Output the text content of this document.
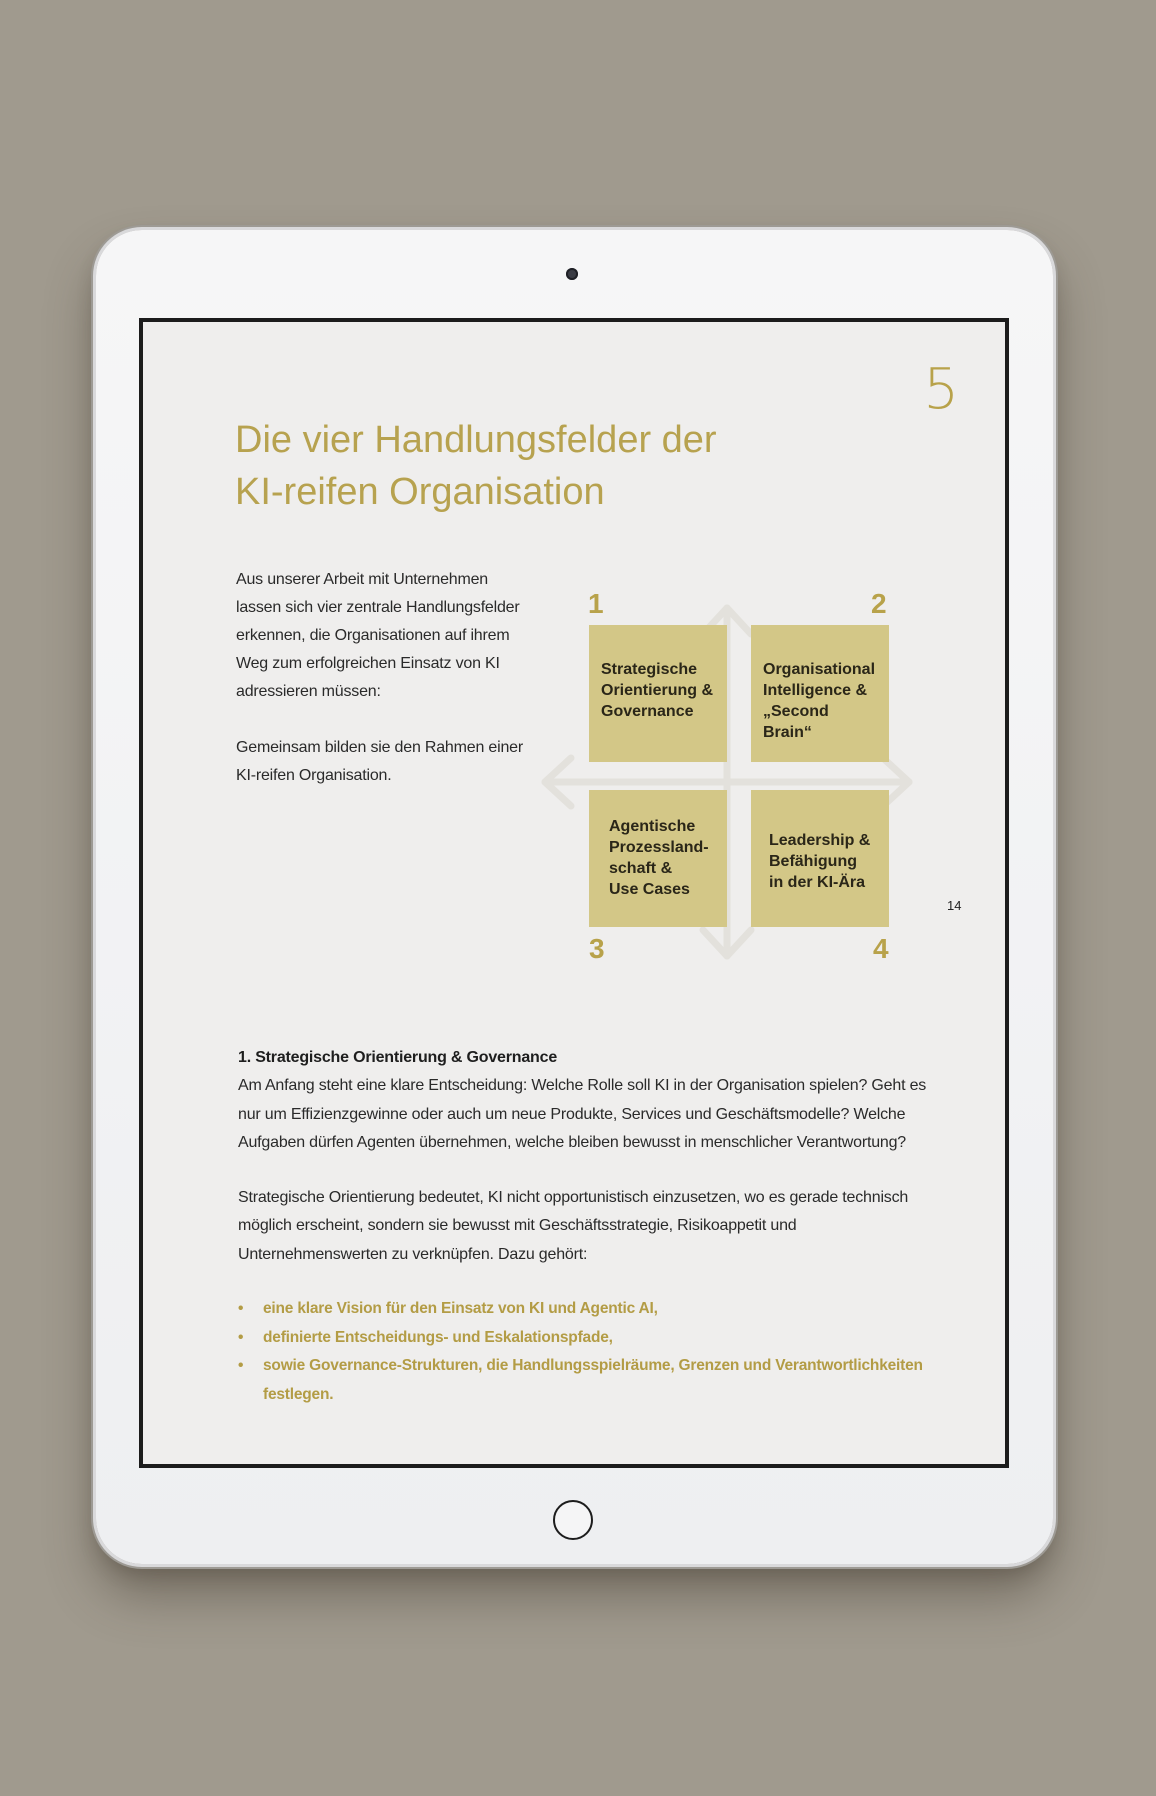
5
Die vier Handlungsfelder der
KI-reifen Organisation

Aus unserer Arbeit mit Unternehmen lassen sich vier zentrale Handlungsfelder erkennen, die Organisationen auf ihrem Weg zum erfolgreichen Einsatz von KI adressieren müssen:

Gemeinsam bilden sie den Rahmen einer KI-reifen Organisation.

1	2
3	4
Strategische
Orientierung &
Governance
Organisational
Intelligence &
„Second Brain“
Agentische
Prozessland-
schaft &
Use Cases
Leadership &
Befähigung
in der KI-Ära
14
1. Strategische Orientierung & Governance

Am Anfang steht eine klare Entscheidung: Welche Rolle soll KI in der Organisation spielen? Geht es nur um Effizienzgewinne oder auch um neue Produkte, Services und Geschäftsmodelle? Welche Aufgaben dürfen Agenten übernehmen, welche bleiben bewusst in menschlicher Verantwortung?

Strategische Orientierung bedeutet, KI nicht opportunistisch einzusetzen, wo es gerade technisch möglich erscheint, sondern sie bewusst mit Geschäftsstrategie, Risikoappetit und Unternehmenswerten zu verknüpfen. Dazu gehört:

• eine klare Vision für den Einsatz von KI und Agentic AI,
• definierte Entscheidungs- und Eskalationspfade,
• sowie Governance-Strukturen, die Handlungsspielräume, Grenzen und Verantwortlichkeiten festlegen.
